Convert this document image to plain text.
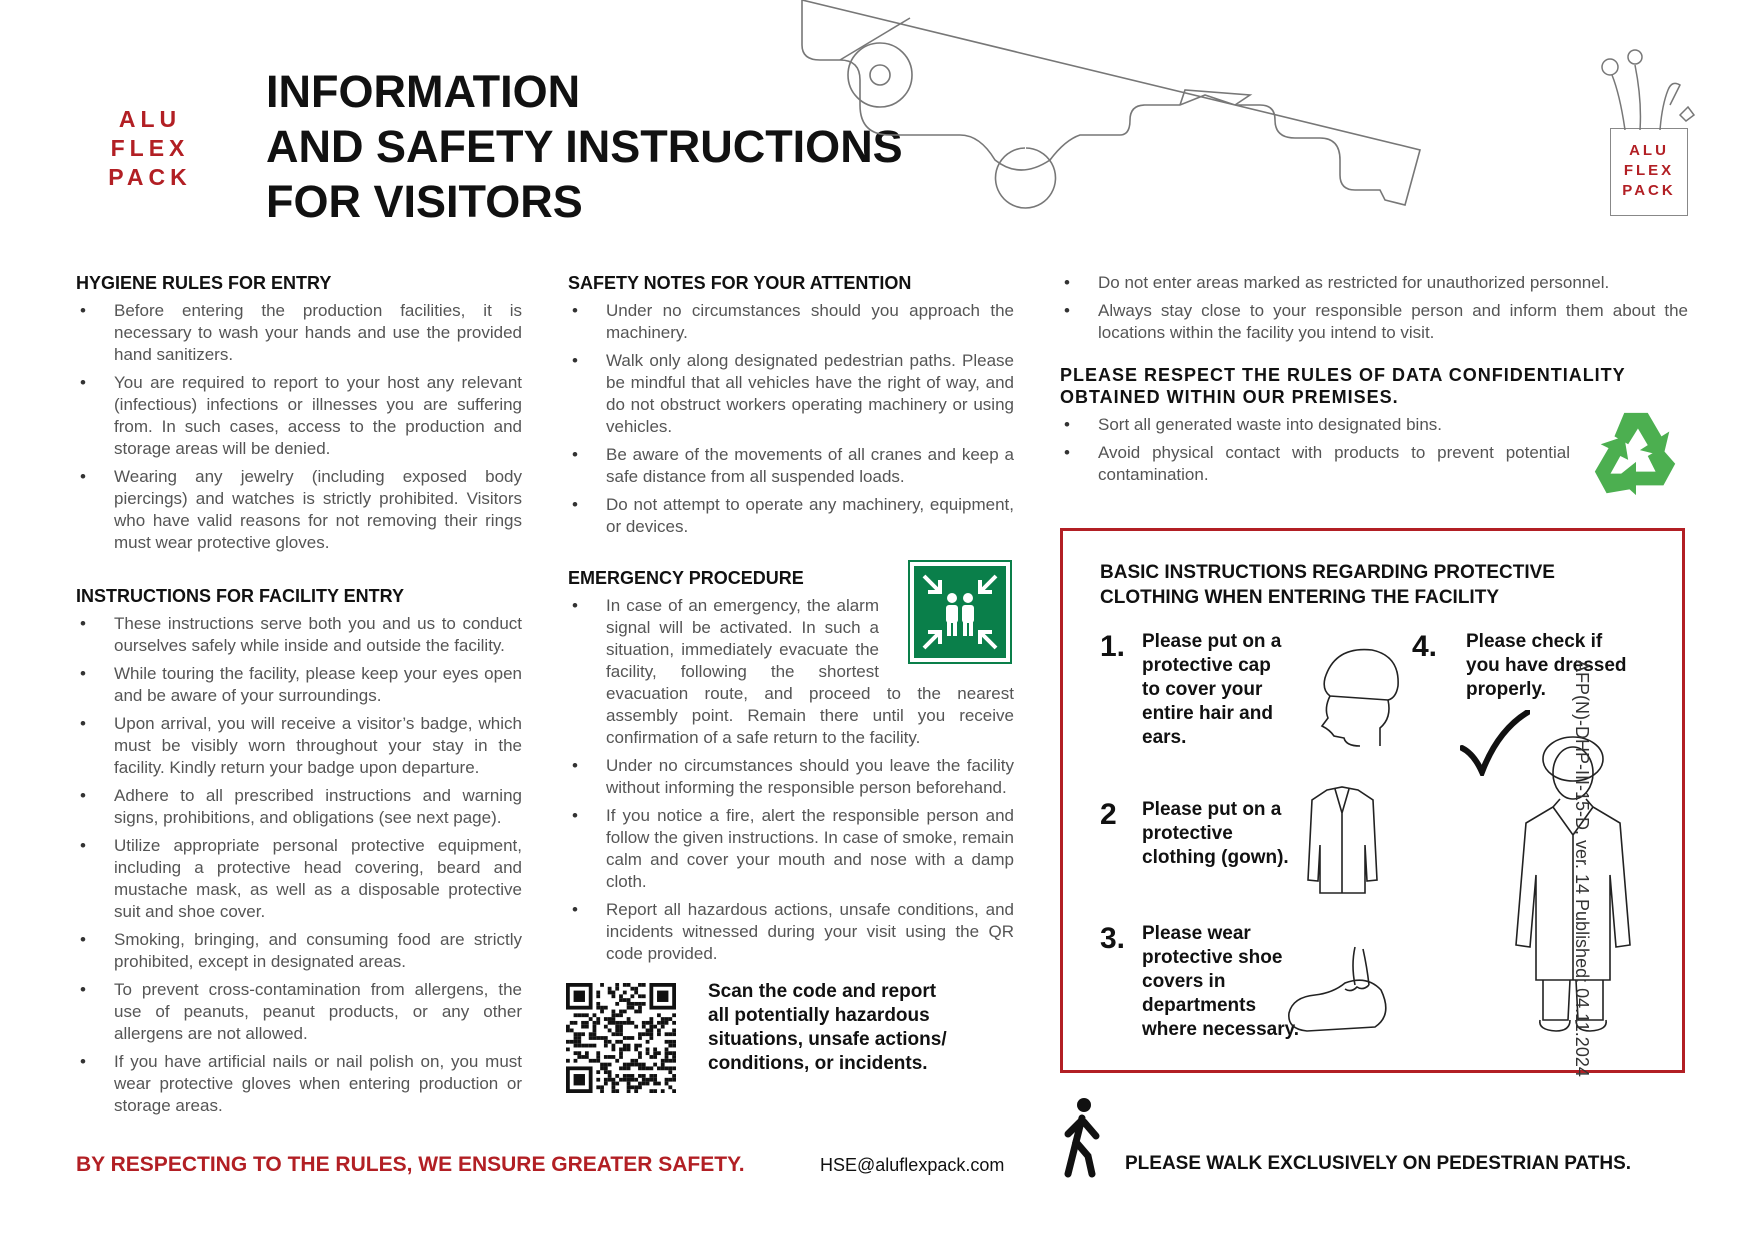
ALU
FLEX
PACK
INFORMATION
AND SAFETY INSTRUCTIONS
FOR VISITORS
ALU
FLEX
PACK
HYGIENE RULES FOR ENTRY
• Before entering the production facilities, it is necessary to wash your hands and use the provided hand sanitizers.
• You are required to report to your host any relevant (infectious) infections or illnesses you are suffering from. In such cases, access to the production and storage areas will be denied.
• Wearing any jewelry (including exposed body piercings) and watches is strictly prohibited. Visitors who have valid reasons for not removing their rings must wear protective gloves.
INSTRUCTIONS FOR FACILITY ENTRY
• These instructions serve both you and us to conduct ourselves safely while inside and outside the facility.
• While touring the facility, please keep your eyes open and be aware of your surroundings.
• Upon arrival, you will receive a visitor’s badge, which must be visibly worn throughout your stay in the facility. Kindly return your badge upon departure.
• Adhere to all prescribed instructions and warning signs, prohibitions, and obligations (see next page).
• Utilize appropriate personal protective equipment, including a protective head covering, beard and mustache mask, as well as a disposable protective suit and shoe cover.
• Smoking, bringing, and consuming food are strictly prohibited, except in designated areas.
• To prevent cross-contamination from allergens, the use of peanuts, peanut products, or any other allergens are not allowed.
• If you have artificial nails or nail polish on, you must wear protective gloves when entering production or storage areas.
SAFETY NOTES FOR YOUR ATTENTION
• Under no circumstances should you approach the machinery.
• Walk only along designated pedestrian paths. Please be mindful that all vehicles have the right of way, and do not obstruct workers operating machinery or using vehicles.
• Be aware of the movements of all cranes and keep a safe distance from all suspended loads.
• Do not attempt to operate any machinery, equipment, or devices.
EMERGENCY PROCEDURE
• In case of an emergency, the alarm signal will be activated. In such a situation, immediately evacuate the facility, following the shortest evacuation route, and proceed to the nearest assembly point. Remain there until you receive confirmation of a safe return to the facility.
• Under no circumstances should you leave the facility without informing the responsible person beforehand.
• If you notice a fire, alert the responsible person and follow the given instructions. In case of smoke, remain calm and cover your mouth and nose with a damp cloth.
• Report all hazardous actions, unsafe conditions, and incidents witnessed during your visit using the QR code provided.
Scan the code and report all potentially hazardous situations, unsafe actions/ conditions, or incidents.
• Do not enter areas marked as restricted for unauthorized personnel.
• Always stay close to your responsible person and inform them about the locations within the facility you intend to visit.
PLEASE RESPECT THE RULES OF DATA CONFIDENTIALITY OBTAINED WITHIN OUR PREMISES.
• Sort all generated waste into designated bins.
• Avoid physical contact with products to prevent potential contamination.
BASIC INSTRUCTIONS REGARDING PROTECTIVE CLOTHING WHEN ENTERING THE FACILITY
1. Please put on a protective cap to cover your entire hair and ears.
2 Please put on a protective clothing (gown).
3. Please wear protective shoe covers in departments where necessary.
4. Please check if you have dressed properly.	AFP(N)-DHP-III-15-D, ver. 14 Published: 04.11.2024
BY RESPECTING TO THE RULES, WE ENSURE GREATER SAFETY.	HSE@aluflexpack.com	PLEASE WALK EXCLUSIVELY ON PEDESTRIAN PATHS.
